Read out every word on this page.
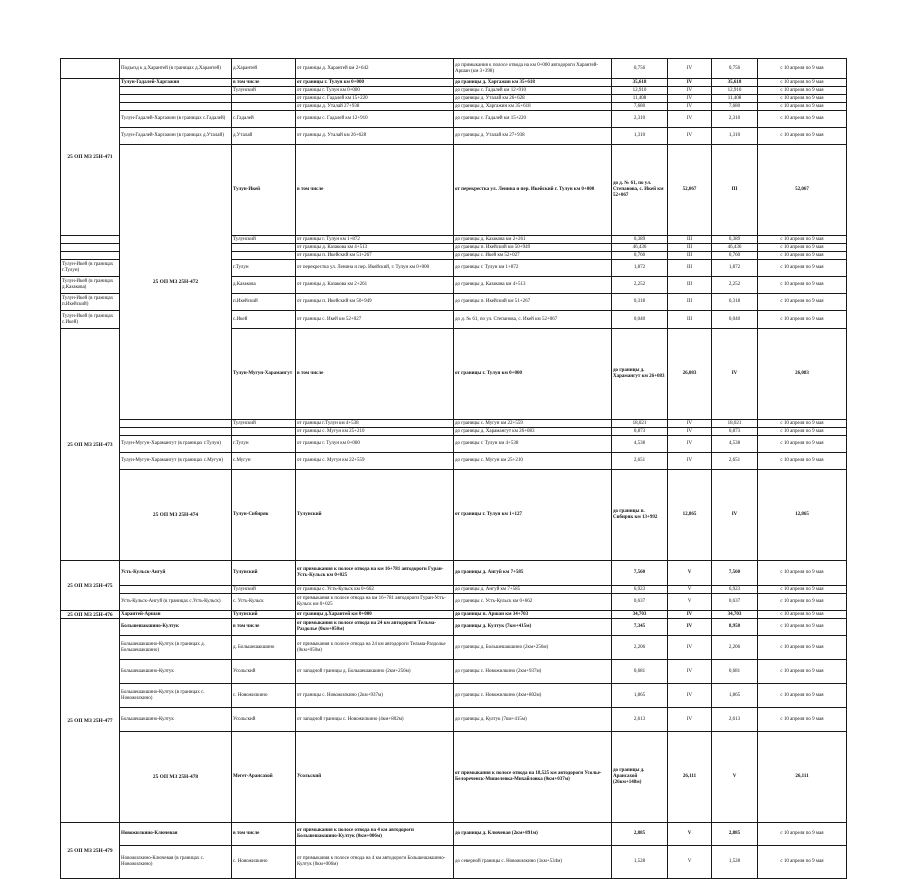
	Подъезд к д.Харантей (в границах д.Харантей)	д.Харантей	от границы д. Харантей км 2+642	до примыкания к полосе отвода на км 0+000 автодороги Харантей-Аршан (км 3+398)	0,756	IV	0,756	с 10 апреля по 9 мая	
25 ОП МЗ 25Н-471	Тулун-Гадалей-Харгажин	в том числе	от границы г. Тулун км 0+000	до границы д. Харгажин км 35+618	35,618	IV	35,618	с 10 апреля по 9 мая	
		Тулунский	от границы г. Тулун км 0+000	до границы с. Гадалей км 12+910	12,910	IV	12,910	с 10 апреля по 9 мая	
			от границы с. Гадалей км 15+220	до границы д. Уталай км 26+628	11,408	IV	11,408	с 10 апреля по 9 мая	
			от границы д. Уталай 27+938	до границы д. Харгажин км 35+618	7,680	IV	7,680	с 10 апреля по 9 мая	
	Тулун-Гадалей-Харгажин (в границах с.Гадалей)	с.Гадалей	от границы с. Гадалей км 12+910	до границы с. Гадалей км 15+220	2,310	IV	2,310	с 10 апреля по 9 мая	
	Тулун-Гадалей-Харгажин (в границах д.Уталай)	д.Уталай	от границы д. Уталай км 26+628	до границы д. Уталай км 27+938	1,310	IV	1,310	с 10 апреля по 9 мая	
	25 ОП МЗ 25Н-472	Тулун-Икей	в том числе	от перекрестка ул. Ленина и пер. Икейский г. Тулун км 0+000	до д. № 61, по ул. Степанова, с. Икей км 52+067	52,067	III	52,067	
		Тулунский	от границы г. Тулун км 1+872	до границы д. Казакова км 2+261	0,389	III	0,389	с 10 апреля по 9 мая	
			от границы д. Казакова км 4+513	до границы п. Икейский км 50+949	46,436	III	46,436	с 10 апреля по 9 мая	
			от границы п. Икейский км 51+267	до границы с. Икей км 52+027	0,760	III	0,760	с 10 апреля по 9 мая	
Тулун-Икей (в границах г.Тулун)		г.Тулун	от перекрестка ул. Ленина и пер. Икейский, г. Тулун км 0+000	до границы г. Тулун км 1+872	1,872	III	1,872	с 10 апреля по 9 мая	
Тулун-Икей (в границах д.Казакова)		д.Казакова	от границы д. Казакова км 2+261	до границы д. Казакова км 4+513	2,252	III	2,252	с 10 апреля по 9 мая	
Тулун-Икей (в границах п.Икейский)		п.Икейский	от границы п. Икейский км 50+949	до границы п. Икейский км 51+267	0,318	III	0,318	с 10 апреля по 9 мая	
Тулун-Икей (в границах с.Икей)		с.Икей	от границы с. Икей км 52+027	до д. № 61, по ул. Степанова, с. Икей км 52+067	0,040	III	0,040	с 10 апреля по 9 мая	
25 ОП МЗ 25Н-473		Тулун-Мугун-Харамангут	в том числе	от границы г. Тулун км 0+000	до границы д. Харамангут км 26+083	26,083	IV	26,083	
		Тулунский	от границы г.Тулун км 4+538	до границы с. Мугун км 22+559	18,021	IV	18,021	с 10 апреля по 9 мая	
			от границы с. Мугун км 25+210	до границы д. Харамангут км 26+083	0,873	IV	0,873	с 10 апреля по 9 мая	
	Тулун-Мугун-Харамангут (в границах г.Тулун)	г.Тулун	от границы г. Тулун км 0+000	до границы г. Тулун км 4+538	4,538	IV	4,538	с 10 апреля по 9 мая	
	Тулун-Мугун-Харамангут (в границах с.Мугун)	с.Мугун	от границы с. Мугун км 22+559	до границы с. Мугун км 25+210	2,651	IV	2,651	с 10 апреля по 9 мая	
	25 ОП МЗ 25Н-474	Тулун-Сибиряк	Тулунский	от границы г. Тулун км 1+127	до границы п. Сибиряк км 13+992	12,865	IV	12,865	
25 ОП МЗ 25Н-475	Усть-Кульск-Ангуй	Тулунский	от примыкания к полосе отвода на км 16+781 автодороги Гуран-Усть-Кульск км 0+025	до границы д. Ангуй км 7+585	7,560	V	7,560	с 10 апреля по 9 мая	
		Тулунский	от границы с. Усть-Кульск км 0+662	до границы д. Ангуй км 7+585	6,923	V	6,923	с 10 апреля по 9 мая	
	Усть-Кульск-Ангуй (в границах с.Усть-Кульск)	с. Усть-Кульск	от примыкания к полосе отвода на км 16+781 автодороги Гуран-Усть-Кульск км 0+025	до границы с. Усть-Кульск км 0+662	0,637	V	0,637	с 10 апреля по 9 мая	
25 ОП МЗ 25Н-476	Харантей-Аршан	Тулунский	от границы д.Харантей км 0+000	до границы п. Аршан км 34+703	34,703	IV	34,703	с 10 апреля по 9 мая	
25 ОП МЗ 25Н-477	Большешакшино-Култук	в том числе	от примыкания к полосе отвода на 24 км автодороги Тельма-Раздолье (0км+050м)	до границы д. Култук (7км+415м)	7,345	IV	8,950	с 10 апреля по 9 мая	
	Большешакшино-Култук (в границах д. Большешакшино)	д. Большешакшино	от примыкания к полосе отвода на 24 км автодороги Тельма-Раздолье (0км+050м)	до границы д. Большешакшино (2км+256м)	2,206	IV	2,206	с 10 апреля по 9 мая	
	Большешакшино-Култук	Усольский	от западной границы д. Большешакшино (2км+256м)	до границы с. Новожилкино (2км+937м)	0,681	IV	0,681	с 10 апреля по 9 мая	
	Большешакшино-Култук (в границах с. Новожилкино)	с. Новожилкино	от границы с. Новожилкино (2км+937м)	до границы с. Новожилкино (4км+802м)	1,865	IV	1,865	с 10 апреля по 9 мая	
	Большешакшино-Култук	Усольский	от западной границы с. Новожилкино (4км+802м)	до границы д. Култук (7км+415м)	2,613	IV	2,613	с 10 апреля по 9 мая	
	25 ОП МЗ 25Н-478	Мегет-Арансахой	Усольский	от примыкания к полосе отвода на 18,525 км автодороги Усолье-Белореченск-Мишелевка-Михайловка (0км+037м)	до границы д. Арансахой (26км+148м)	26,111	V	26,111	
25 ОП МЗ 25Н-479	Новожилкино-Ключевая	в том числе	от примыкания к полосе отвода на 4 км автодороги Большешакшино-Култук (0км+006м)	до границы д. Ключевая (2км+891м)	2,885	V	2,885	с 10 апреля по 9 мая	
	Новожилкино-Ключевая (в границах с. Новожилкино)	с. Новожилкино	от примыкания к полосе отвода на 4 км автодороги Большешакшино-Култук (0км+006м)	до северной границы с. Новожилкино (1км+534м)	1,528	V	1,528	с 10 апреля по 9 мая	
